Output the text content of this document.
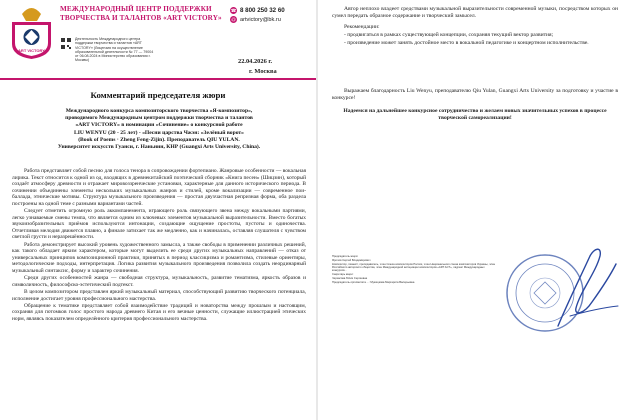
ART VICTORY
МЕЖДУНАРОДНЫЙ ЦЕНТР ПОДДЕРЖКИ
ТВОРЧЕСТВА И ТАЛАНТОВ «ART VICTORY»
☎ 8 800 250 32 60
@ artvictory@bk.ru
Деятельность Международного центра поддержки творчества и талантов «ART VICTORY» (Лицензия на осуществление образовательной деятельности № 77 — 79004 от 06.08.2024 в Министерство образования г. Москвы)	22.04.2026 г.
г. Москва
Комментарий председателя жюри
Международного конкурса композиторского творчества «Я-композитор»,
проводимого Международным центром поддержки творчества и талантов
«ART VICTORY» в номинации «Сочинение» о конкурсной работе
LIU WENYU (20 - 25 лет) - «Песни царства Чжэн: «Зелёный ворот»
(Book of Poems · Zheng Feng-Zijin). Преподаватель QIU YULAN.
Университет искусств Гуанси, г. Наньнин, КНР (Guangxi Arts University, China).

Работа представляет собой песню для голоса тенора в сопровождении фортепиано. Жанровые особенности — вокальная лирика. Текст относится к одной из од, входящих в древнекитайский поэтический сборник «Книга песен» (Шицзин), который создаёт атмосферу древности и отражает мировоззренческие установки, характерные для данного исторического периода. В сочинении объединены элементы нескольких музыкальных жанров и стилей, кроме вокализации — современное пои-баллада, этнические мотивы. Структура музыкального произведения — простая двухчастная репризная форма, оба раздела построены на одной теме с разными вариантами частей.

Следует отметить огромную роль аккомпанемента, играющего роль связующего звена между вокальными партиями, легко узнаваемые смены темпа, что является одним из ключевых элементов музыкальной выразительности. Вместо богатых звукоизобразительных приёмов используются интонации, создающие ощущение простоты, пустоты и одиночества. Отчетливая мелодия движется плавно, а финале затихает так же медленно, как и начиналась, оставляя слушателя с чувством светлой грусти и неразрешённости.

Работа демонстрирует высокий уровень художественного замысла, а также свободы в применении различных решений, как такого обладает ярким характером, которые могут выделить ее среди других музыкальных направлений — отказ от универсальных принципов композиционной практики, принятых в период классицизма и романтизма, стилевые ориентиры, методологические подходы, интерпретация. Логика развития музыкального произведения позволила создать неординарный музыкальный синтаксис, форму и характер сочинения.

Среди других особенностей жанра — свободная структура, музыкальность, развитие тематизма, яркость образов и символичность, философско-эстетический подтекст.

В целом композитором представлен яркий музыкальный материал, способствующий развитию творческого потенциала, исполнение достигает уровня профессионального мастерства.

Обращение к тематике представляет собой взаимодействие традиций и новаторства между прошлым и настоящим, сохраняя для потомков голос простого народа древнего Китая и его вечные ценности, служащие иллюстрацией этических норм, являясь показателем определённого критерия профессионального мастерства.

Автор неплохо владеет средствами музыкальной выразительности современной музыки, посредством которых он сумел передать образное содержание и творческий замысел.

Рекомендации:

- продвигаться в рамках существующей концепции, сохраняя текущий вектор развития;

- произведение может занять достойное место в вокальной педагогике и концертном исполнительстве.

Выражаем благодарность Liu Wenyu, преподавателю Qiu Yulan, Guangxi Arts University за подготовку и участие в конкурсе!

Надеемся на дальнейшее конкурсное сотрудничество и желаем новых значительных успехов в процессе творческой самореализации!

Председатель жюри:

Фролов Сергей Владимирович

Композитор, пианист, преподаватель, член Союза композиторов России, член Национального союза композиторов Украины, член Российского авторского общества, член Международной ассоциации композиторов «ART ACT», лауреат Международных конкурсов...

Секретарь жюри:

Черкасова Юлия Сергеевна

Председатель оргкомитета ...: Мужицкова Маргарита Валерьевна
